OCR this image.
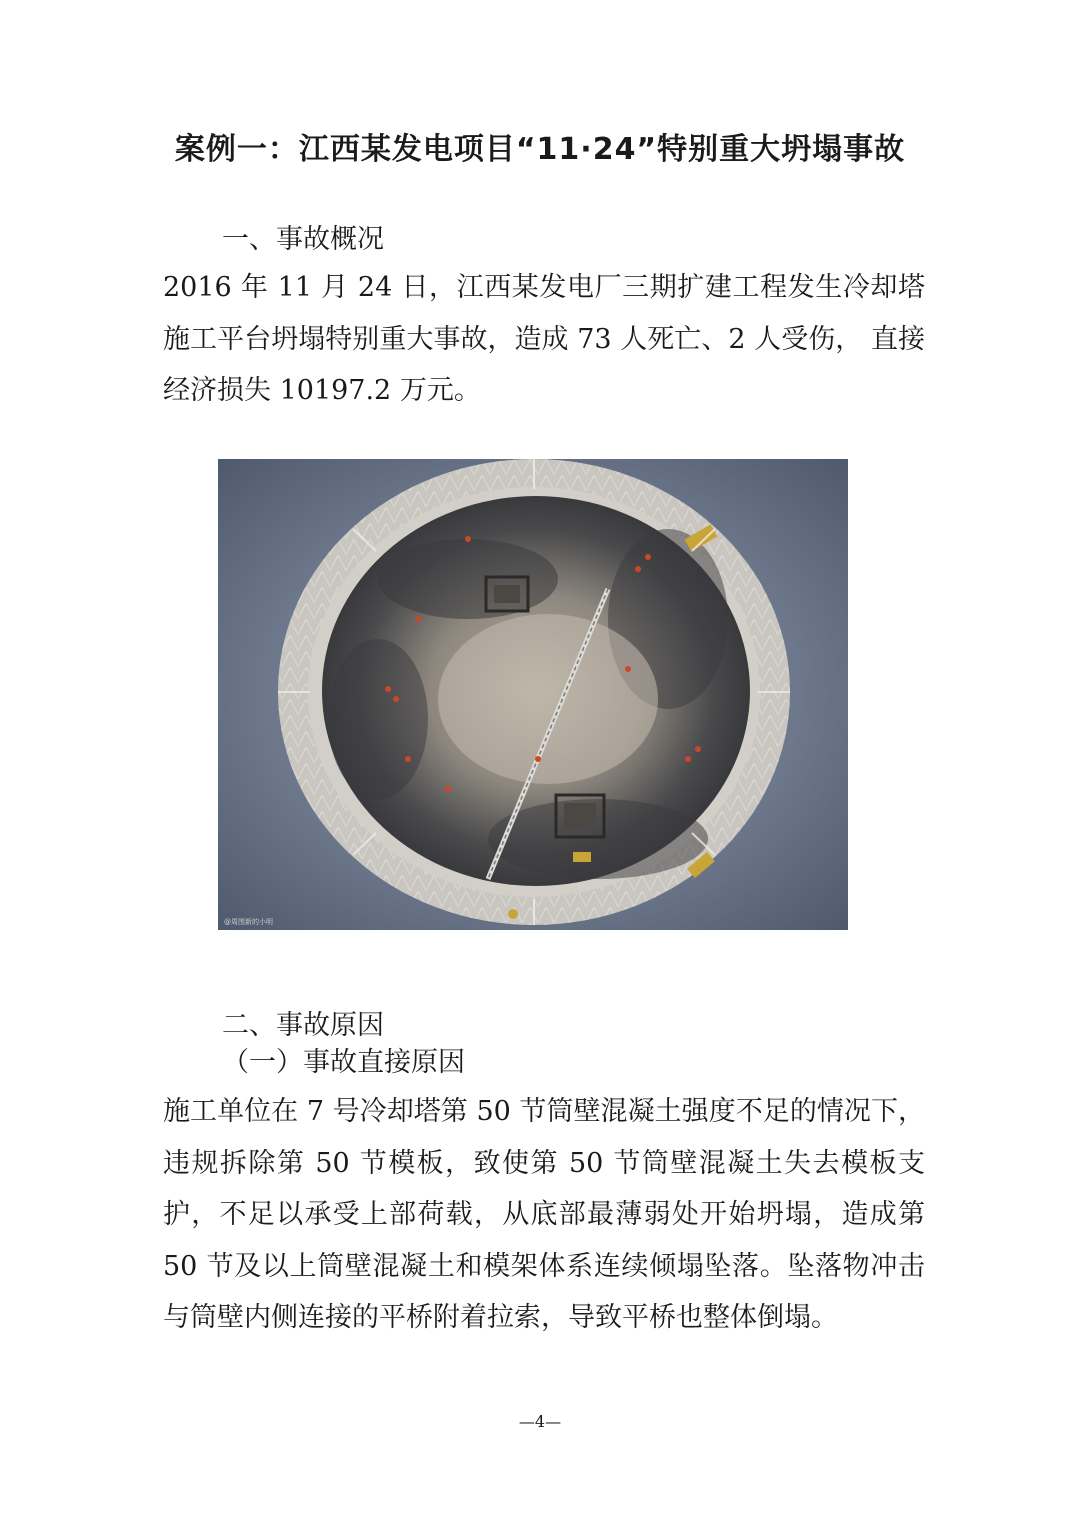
案例一：江西某发电项目“11·24”特别重大坍塌事故
一、事故概况
2016 年 11 月 24 日，江西某发电厂三期扩建工程发生冷却塔施工平台坍塌特别重大事故，造成 73 人死亡、2 人受伤， 直接经济损失 10197.2 万元。
@周围新的小明
二、事故原因
（一）事故直接原因
施工单位在 7 号冷却塔第 50 节筒壁混凝土强度不足的情况下，违规拆除第 50 节模板，致使第 50 节筒壁混凝土失去模板支护，不足以承受上部荷载，从底部最薄弱处开始坍塌，造成第 50 节及以上筒壁混凝土和模架体系连续倾塌坠落。坠落物冲击与筒壁内侧连接的平桥附着拉索，导致平桥也整体倒塌。
—4—
